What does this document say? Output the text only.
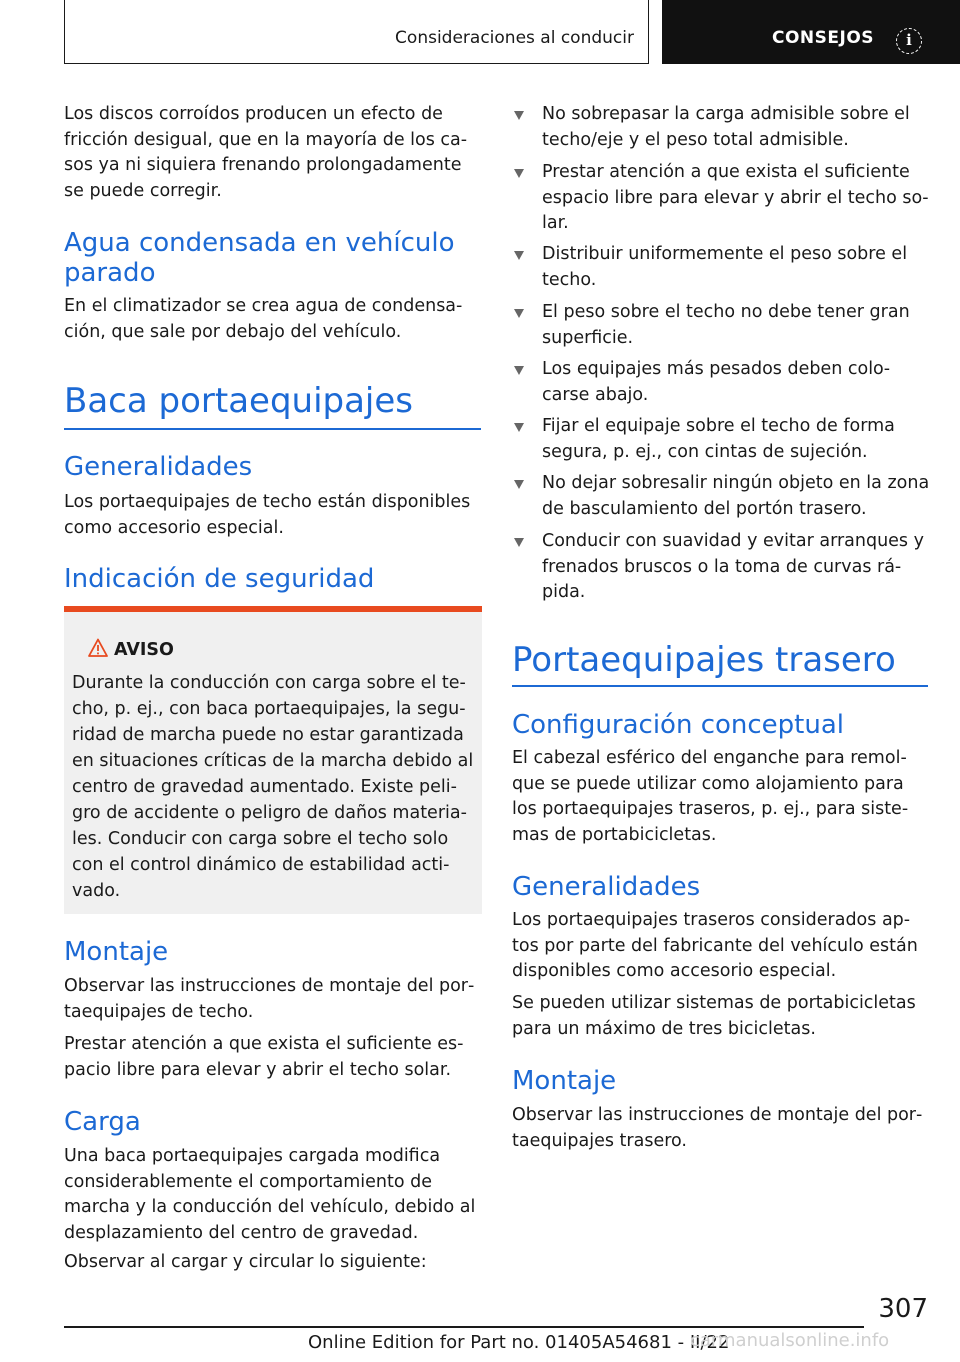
Consideraciones al conducir	CONSEJOS	i

Los discos corroídos producen un efecto de fricción desigual, que en la mayoría de los casos ya ni siquiera frenando prolongadamente se puede corregir.

Agua condensada en vehículo parado

En el climatizador se crea agua de condensación, que sale por debajo del vehículo.

Baca portaequipajes
Generalidades

Los portaequipajes de techo están disponibles como accesorio especial.

Indicación de seguridad
AVISO

Durante la conducción con carga sobre el techo, p. ej., con baca portaequipajes, la seguridad de marcha puede no estar garantizada en situaciones críticas de la marcha debido al centro de gravedad aumentado. Existe peligro de accidente o peligro de daños materiales. Conducir con carga sobre el techo solo con el control dinámico de estabilidad activado.

Montaje

Observar las instrucciones de montaje del portaequipajes de techo.

Prestar atención a que exista el suficiente espacio libre para elevar y abrir el techo solar.

Carga

Una baca portaequipajes cargada modifica considerablemente el comportamiento de marcha y la conducción del vehículo, debido al desplazamiento del centro de gravedad.

Observar al cargar y circular lo siguiente:

No sobrepasar la carga admisible sobre el techo/eje y el peso total admisible.
Prestar atención a que exista el suficiente espacio libre para elevar y abrir el techo solar.
Distribuir uniformemente el peso sobre el techo.
El peso sobre el techo no debe tener gran superficie.
Los equipajes más pesados deben colocarse abajo.
Fijar el equipaje sobre el techo de forma segura, p. ej., con cintas de sujeción.
No dejar sobresalir ningún objeto en la zona de basculamiento del portón trasero.
Conducir con suavidad y evitar arranques y frenados bruscos o la toma de curvas rápida.
Portaequipajes trasero
Configuración conceptual

El cabezal esférico del enganche para remolque se puede utilizar como alojamiento para los portaequipajes traseros, p. ej., para sistemas de portabicicletas.

Generalidades

Los portaequipajes traseros considerados aptos por parte del fabricante del vehículo están disponibles como accesorio especial.

Se pueden utilizar sistemas de portabicicletas para un máximo de tres bicicletas.

Montaje

Observar las instrucciones de montaje del portaequipajes trasero.

307
Online Edition for Part no. 01405A54681 - II/22
carmanualsonline.info
